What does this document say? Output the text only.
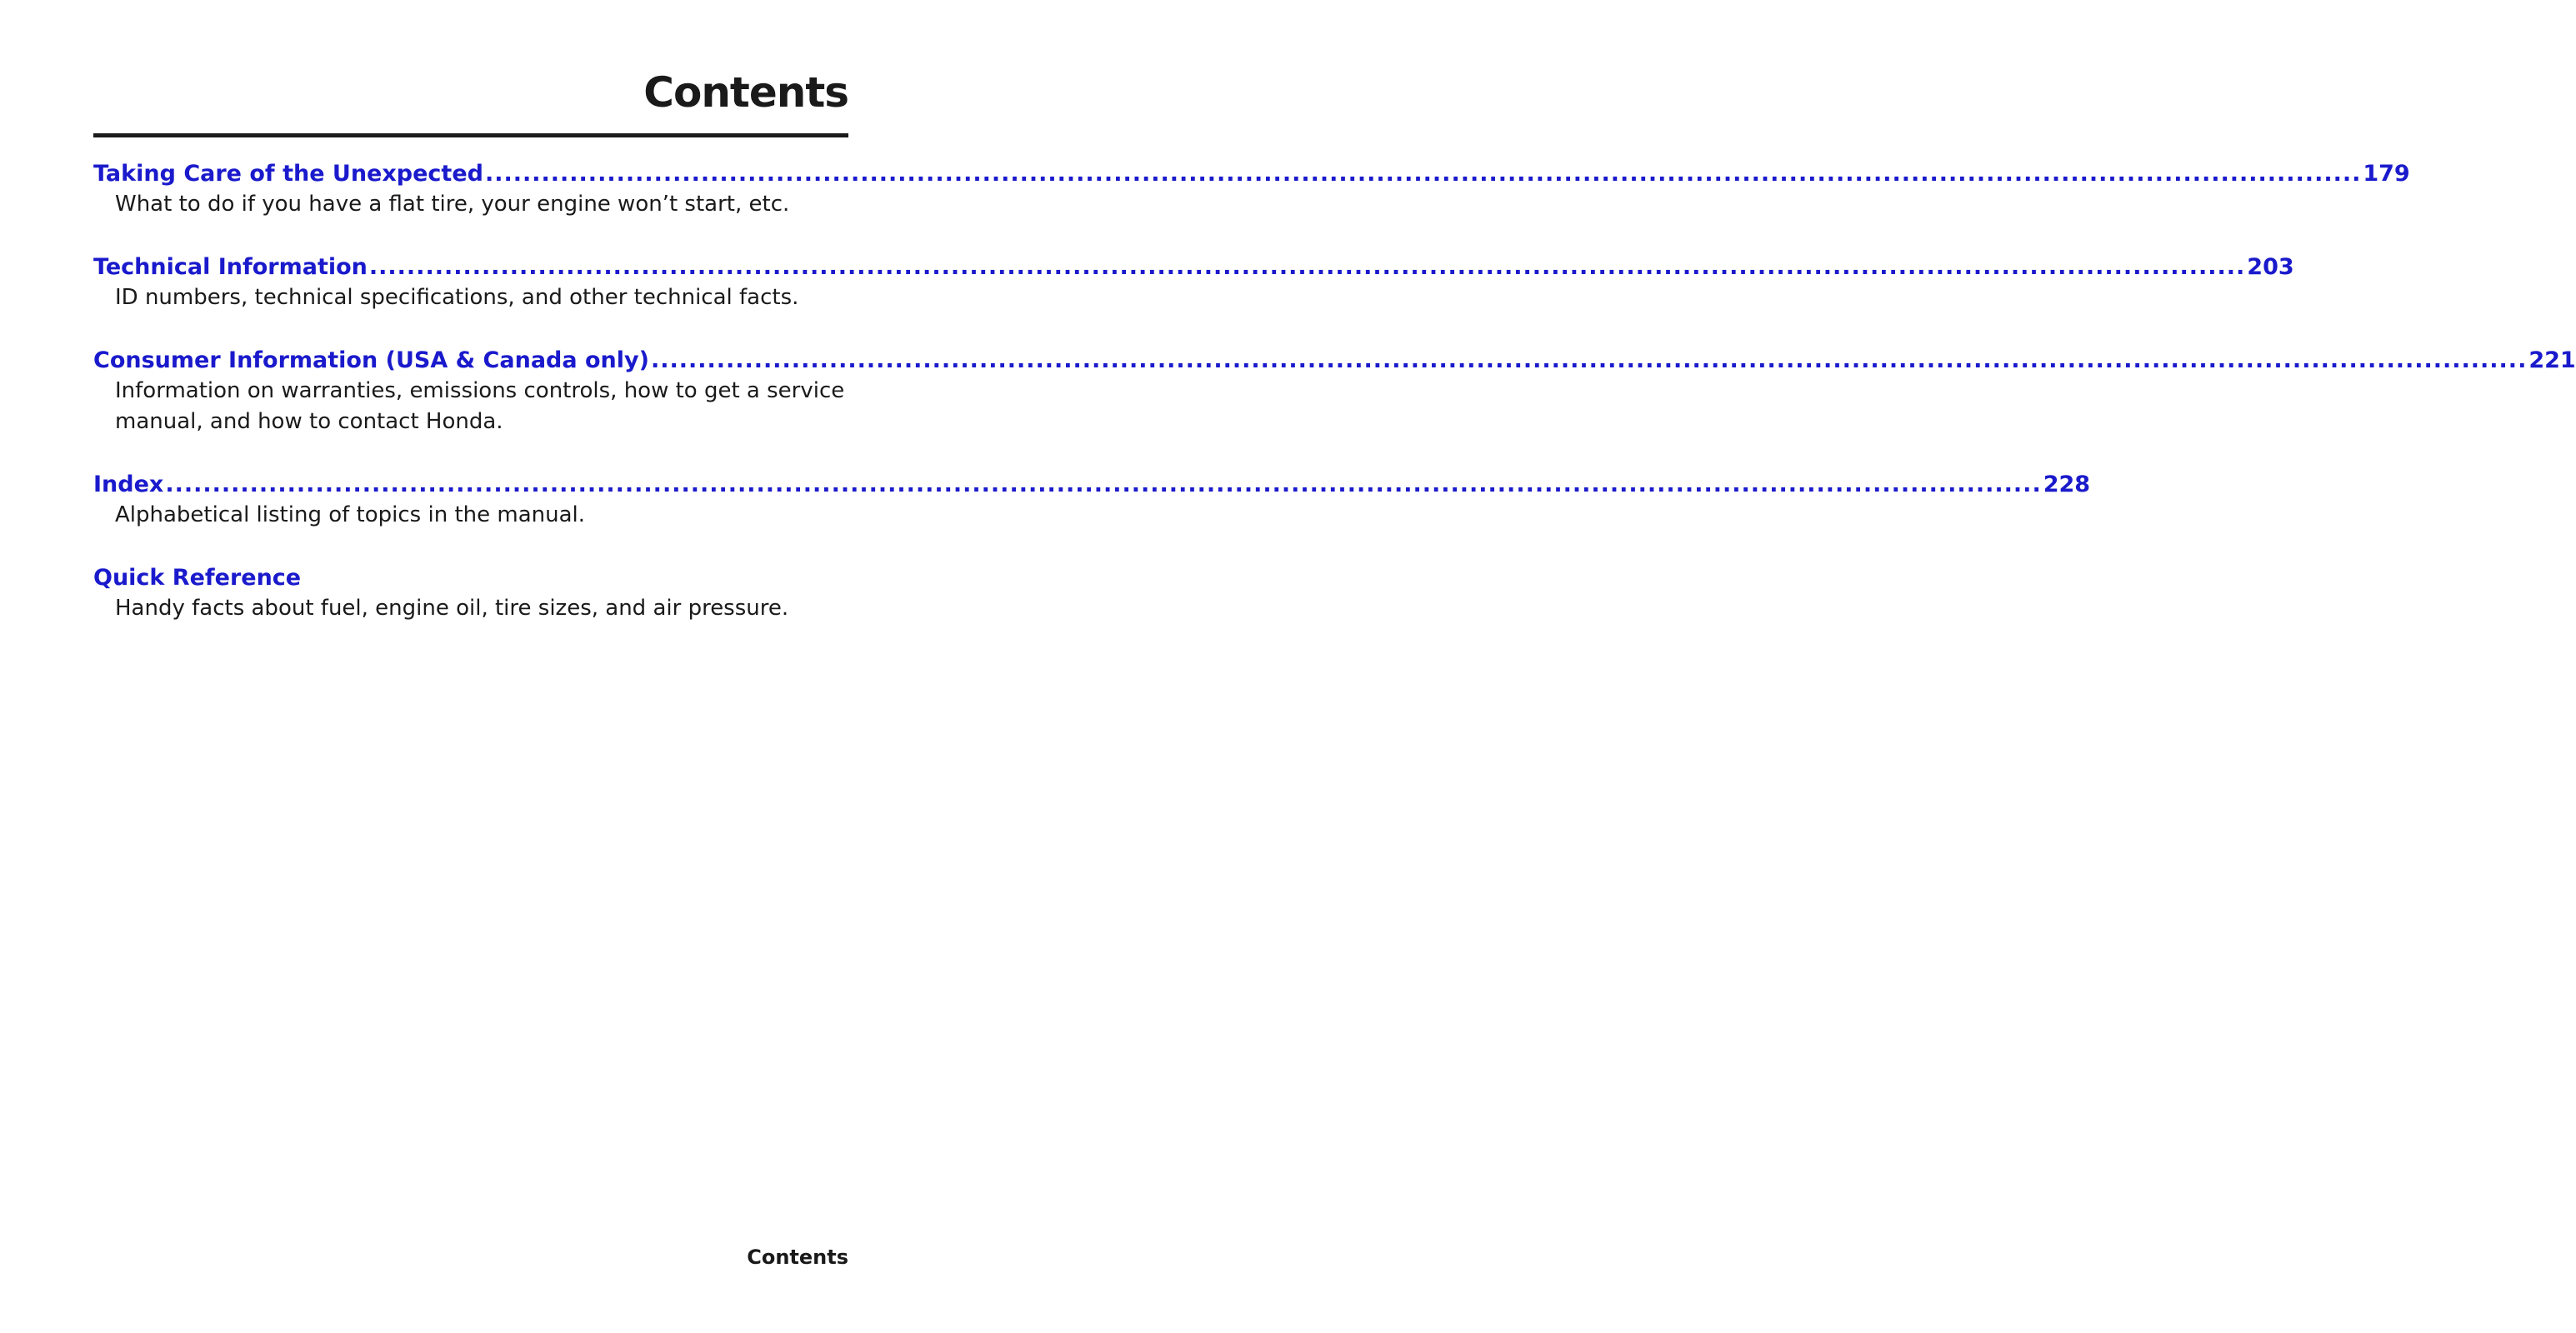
Contents
Taking Care of the Unexpected ........................................................................................................................................................................................................ 179

What to do if you have a flat tire, your engine won’t start, etc.

Technical Information ........................................................................................................................................................................................................ 203

ID numbers, technical specifications, and other technical facts.

Consumer Information (USA & Canada only) ........................................................................................................................................................................................................ 221

Information on warranties, emissions controls, how to get a service manual, and how to contact Honda.

Index ........................................................................................................................................................................................................ 228

Alphabetical listing of topics in the manual.

Quick Reference

Handy facts about fuel, engine oil, tire sizes, and air pressure.

Contents
